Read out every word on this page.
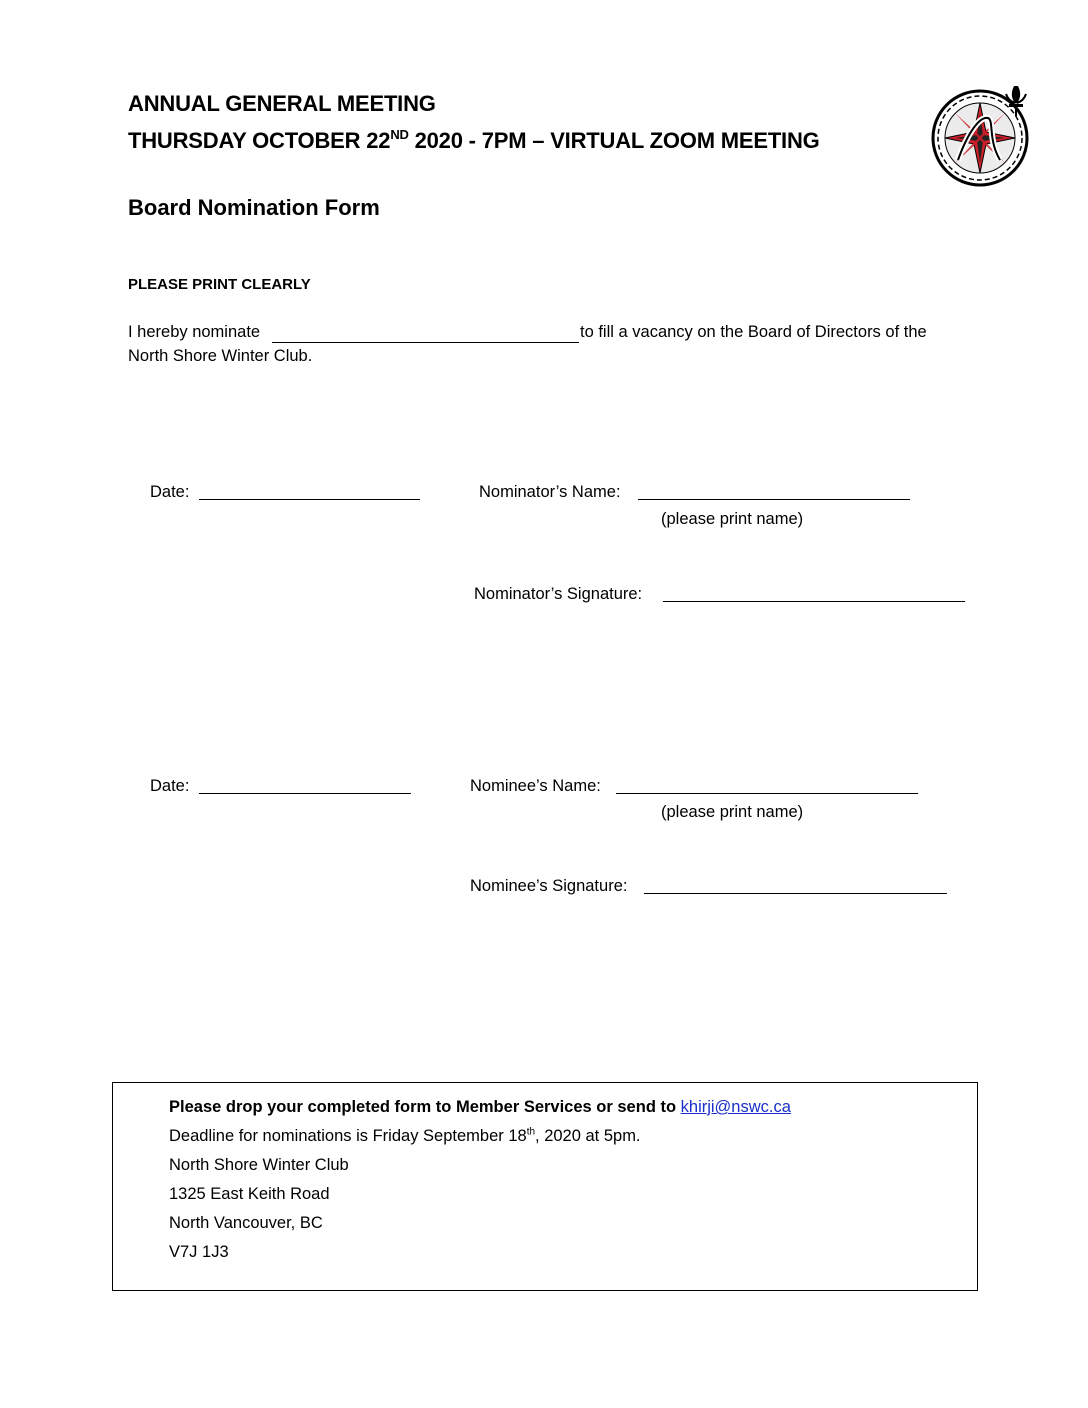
ANNUAL GENERAL MEETING
THURSDAY OCTOBER 22ND 2020 - 7PM – VIRTUAL ZOOM MEETING
Board Nomination Form
PLEASE PRINT CLEARLY
I hereby nominate	to fill a vacancy on the Board of Directors of the
North Shore Winter Club.
Date:	Nominator’s Name:
(please print name)
Nominator’s Signature:
Date:	Nominee’s Name:
(please print name)
Nominee’s Signature:
Please drop your completed form to Member Services or send to khirji@nswc.ca
Deadline for nominations is Friday September 18th, 2020 at 5pm.
North Shore Winter Club
1325 East Keith Road
North Vancouver, BC
V7J 1J3
